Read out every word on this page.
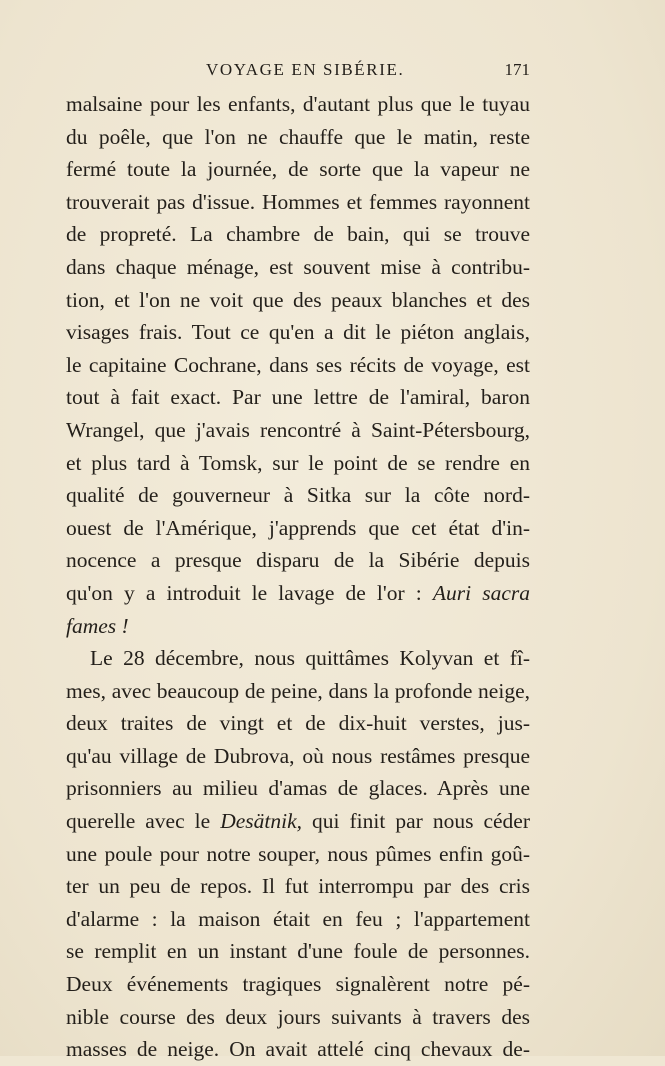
VOYAGE EN SIBÉRIE.	171
malsaine pour les enfants, d'autant plus que le tuyau
du poêle, que l'on ne chauffe que le matin, reste
fermé toute la journée, de sorte que la vapeur ne
trouverait pas d'issue. Hommes et femmes rayonnent
de propreté. La chambre de bain, qui se trouve
dans chaque ménage, est souvent mise à contribu-
tion, et l'on ne voit que des peaux blanches et des
visages frais. Tout ce qu'en a dit le piéton anglais,
le capitaine Cochrane, dans ses récits de voyage, est
tout à fait exact. Par une lettre de l'amiral, baron
Wrangel, que j'avais rencontré à Saint-Pétersbourg,
et plus tard à Tomsk, sur le point de se rendre en
qualité de gouverneur à Sitka sur la côte nord-
ouest de l'Amérique, j'apprends que cet état d'in-
nocence a presque disparu de la Sibérie depuis
qu'on y a introduit le lavage de l'or : Auri sacra
fames !
Le 28 décembre, nous quittâmes Kolyvan et fî-
mes, avec beaucoup de peine, dans la profonde neige,
deux traites de vingt et de dix-huit verstes, jus-
qu'au village de Dubrova, où nous restâmes presque
prisonniers au milieu d'amas de glaces. Après une
querelle avec le Desätnik, qui finit par nous céder
une poule pour notre souper, nous pûmes enfin goû-
ter un peu de repos. Il fut interrompu par des cris
d'alarme : la maison était en feu ; l'appartement
se remplit en un instant d'une foule de personnes.
Deux événements tragiques signalèrent notre pé-
nible course des deux jours suivants à travers des
masses de neige. On avait attelé cinq chevaux de-
